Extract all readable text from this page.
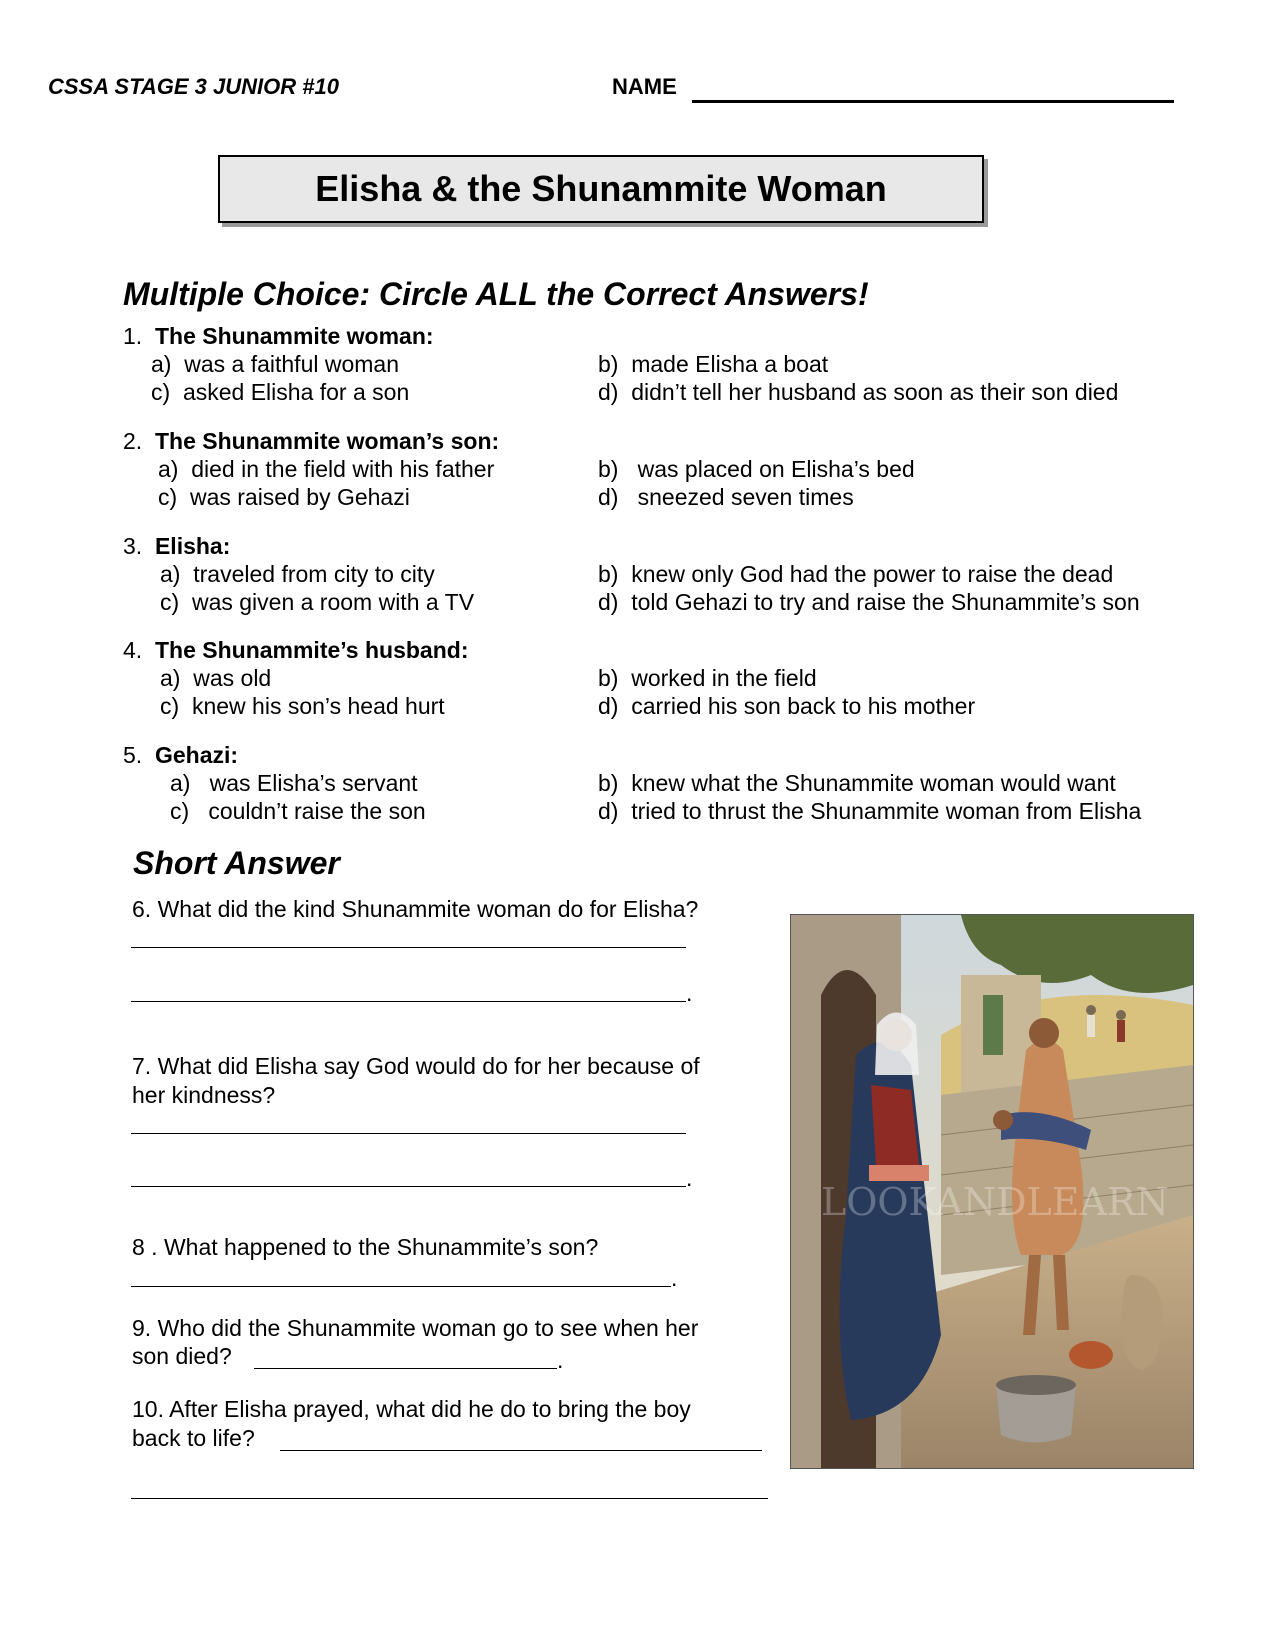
CSSA STAGE 3 JUNIOR #10	NAME
Elisha & the Shunammite Woman
Multiple Choice: Circle ALL the Correct Answers!
1. The Shunammite woman:
a) was a faithful woman	b) made Elisha a boat
c) asked Elisha for a son	d) didn’t tell her husband as soon as their son died
2. The Shunammite woman’s son:
a) died in the field with his father	b) was placed on Elisha’s bed
c) was raised by Gehazi	d) sneezed seven times
3. Elisha:
a) traveled from city to city	b) knew only God had the power to raise the dead
c) was given a room with a TV	d) told Gehazi to try and raise the Shunammite’s son
4. The Shunammite’s husband:
a) was old	b) worked in the field
c) knew his son’s head hurt	d) carried his son back to his mother
5. Gehazi:
a) was Elisha’s servant	b) knew what the Shunammite woman would want
c) couldn’t raise the son	d) tried to thrust the Shunammite woman from Elisha
Short Answer
6. What did the kind Shunammite woman do for Elisha?
.
7. What did Elisha say God would do for her because of
her kindness?
.
8 . What happened to the Shunammite’s son?
.
9. Who did the Shunammite woman go to see when her
son died?	.
10. After Elisha prayed, what did he do to bring the boy
back to life?
LOOKANDLEARN
